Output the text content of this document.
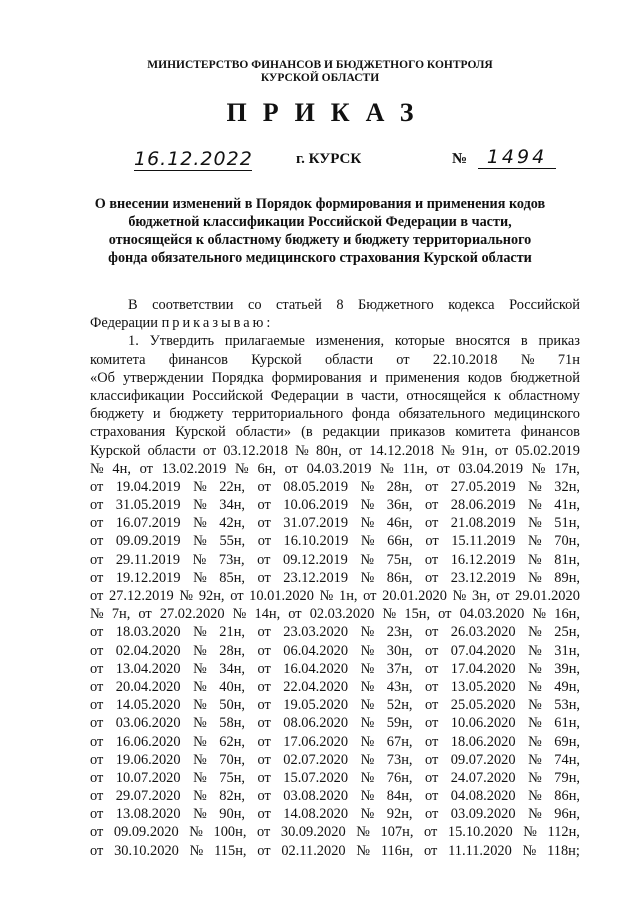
МИНИСТЕРСТВО ФИНАНСОВ И БЮДЖЕТНОГО КОНТРОЛЯ
КУРСКОЙ ОБЛАСТИ
ПРИКАЗ
16.12.2022	г. КУРСК	№	1494
О внесении изменений в Порядок формирования и применения кодов
бюджетной классификации Российской Федерации в части,
относящейся к областному бюджету и бюджету территориального
фонда обязательного медицинского страхования Курской области
В соответствии со статьей 8 Бюджетного кодекса Российской
Федерации приказываю:
1. Утвердить прилагаемые изменения, которые вносятся в приказ
комитета финансов Курской области от 22.10.2018 № 71н
«Об утверждении Порядка формирования и применения кодов бюджетной
классификации Российской Федерации в части, относящейся к областному
бюджету и бюджету территориального фонда обязательного медицинского
страхования Курской области» (в редакции приказов комитета финансов
Курской области от 03.12.2018 № 80н, от 14.12.2018 № 91н, от 05.02.2019
№ 4н, от 13.02.2019 № 6н, от 04.03.2019 № 11н, от 03.04.2019 № 17н,
от 19.04.2019 № 22н, от 08.05.2019 № 28н, от 27.05.2019 № 32н,
от 31.05.2019 № 34н, от 10.06.2019 № 36н, от 28.06.2019 № 41н,
от 16.07.2019 № 42н, от 31.07.2019 № 46н, от 21.08.2019 № 51н,
от 09.09.2019 № 55н, от 16.10.2019 № 66н, от 15.11.2019 № 70н,
от 29.11.2019 № 73н, от 09.12.2019 № 75н, от 16.12.2019 № 81н,
от 19.12.2019 № 85н, от 23.12.2019 № 86н, от 23.12.2019 № 89н,
от 27.12.2019 № 92н, от 10.01.2020 № 1н, от 20.01.2020 № 3н, от 29.01.2020
№ 7н, от 27.02.2020 № 14н, от 02.03.2020 № 15н, от 04.03.2020 № 16н,
от 18.03.2020 № 21н, от 23.03.2020 № 23н, от 26.03.2020 № 25н,
от 02.04.2020 № 28н, от 06.04.2020 № 30н, от 07.04.2020 № 31н,
от 13.04.2020 № 34н, от 16.04.2020 № 37н, от 17.04.2020 № 39н,
от 20.04.2020 № 40н, от 22.04.2020 № 43н, от 13.05.2020 № 49н,
от 14.05.2020 № 50н, от 19.05.2020 № 52н, от 25.05.2020 № 53н,
от 03.06.2020 № 58н, от 08.06.2020 № 59н, от 10.06.2020 № 61н,
от 16.06.2020 № 62н, от 17.06.2020 № 67н, от 18.06.2020 № 69н,
от 19.06.2020 № 70н, от 02.07.2020 № 73н, от 09.07.2020 № 74н,
от 10.07.2020 № 75н, от 15.07.2020 № 76н, от 24.07.2020 № 79н,
от 29.07.2020 № 82н, от 03.08.2020 № 84н, от 04.08.2020 № 86н,
от 13.08.2020 № 90н, от 14.08.2020 № 92н, от 03.09.2020 № 96н,
от 09.09.2020 № 100н, от 30.09.2020 № 107н, от 15.10.2020 № 112н,
от 30.10.2020 № 115н, от 02.11.2020 № 116н, от 11.11.2020 № 118н;
